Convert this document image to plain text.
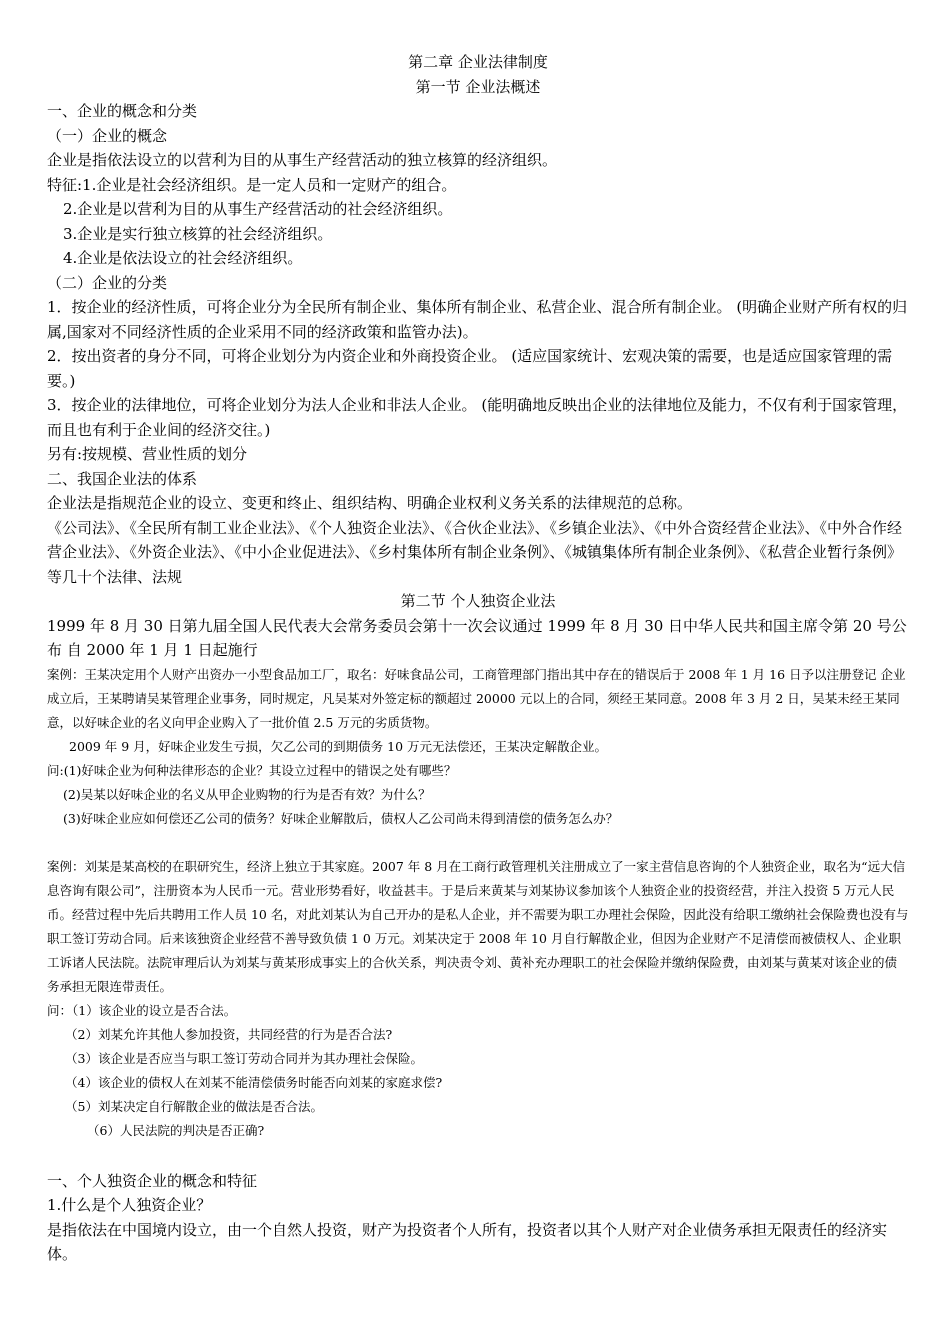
第二章 企业法律制度

第一节 企业法概述

一、企业的概念和分类

（一）企业的概念

企业是指依法设立的以营利为目的从事生产经营活动的独立核算的经济组织。

特征:1.企业是社会经济组织。是一定人员和一定财产的组合。

2.企业是以营利为目的从事生产经营活动的社会经济组织。

3.企业是实行独立核算的社会经济组织。

4.企业是依法设立的社会经济组织。

（二）企业的分类

1．按企业的经济性质，可将企业分为全民所有制企业、集体所有制企业、私营企业、混合所有制企业。 (明确企业财产所有权的归属,国家对不同经济性质的企业采用不同的经济政策和监管办法)。

2．按出资者的身分不同，可将企业划分为内资企业和外商投资企业。 (适应国家统计、宏观决策的需要，也是适应国家管理的需要。)

3．按企业的法律地位，可将企业划分为法人企业和非法人企业。 (能明确地反映出企业的法律地位及能力，不仅有利于国家管理，而且也有利于企业间的经济交往。)

另有:按规模、营业性质的划分

二、我国企业法的体系

企业法是指规范企业的设立、变更和终止、组织结构、明确企业权利义务关系的法律规范的总称。

《公司法》、《全民所有制工业企业法》、《个人独资企业法》、《合伙企业法》、《乡镇企业法》、《中外合资经营企业法》、《中外合作经营企业法》、《外资企业法》、《中小企业促进法》、《乡村集体所有制企业条例》、《城镇集体所有制企业条例》、《私营企业暂行条例》等几十个法律、法规

第二节 个人独资企业法

1999 年 8 月 30 日第九届全国人民代表大会常务委员会第十一次会议通过 1999 年 8 月 30 日中华人民共和国主席令第 20 号公布 自 2000 年 1 月 1 日起施行

案例：王某决定用个人财产出资办一小型食品加工厂，取名：好味食品公司，工商管理部门指出其中存在的错误后于 2008 年 1 月 16 日予以注册登记 企业成立后，王某聘请吴某管理企业事务，同时规定，凡吴某对外签定标的额超过 20000 元以上的合同，须经王某同意。2008 年 3 月 2 日，吴某未经王某同意，以好味企业的名义向甲企业购入了一批价值 2.5 万元的劣质货物。

2009 年 9 月，好味企业发生亏损，欠乙公司的到期债务 10 万元无法偿还，王某决定解散企业。

问:(1)好味企业为何种法律形态的企业？其设立过程中的错误之处有哪些？

(2)吴某以好味企业的名义从甲企业购物的行为是否有效？为什么？

(3)好味企业应如何偿还乙公司的债务？好味企业解散后，债权人乙公司尚未得到清偿的债务怎么办？

案例：刘某是某高校的在职研究生，经济上独立于其家庭。2007 年 8 月在工商行政管理机关注册成立了一家主营信息咨询的个人独资企业，取名为“远大信息咨询有限公司”，注册资本为人民币一元。营业形势看好，收益甚丰。于是后来黄某与刘某协议参加该个人独资企业的投资经营，并注入投资 5 万元人民币。经营过程中先后共聘用工作人员 10 名，对此刘某认为自己开办的是私人企业，并不需要为职工办理社会保险，因此没有给职工缴纳社会保险费也没有与职工签订劳动合同。后来该独资企业经营不善导致负债 1 0 万元。刘某决定于 2008 年 10 月自行解散企业，但因为企业财产不足清偿而被债权人、企业职工诉诸人民法院。法院审理后认为刘某与黄某形成事实上的合伙关系，判决责令刘、黄补充办理职工的社会保险并缴纳保险费，由刘某与黄某对该企业的债务承担无限连带责任。

问：（1）该企业的设立是否合法。

（2）刘某允许其他人参加投资，共同经营的行为是否合法?

（3）该企业是否应当与职工签订劳动合同并为其办理社会保险。

（4）该企业的债权人在刘某不能清偿债务时能否向刘某的家庭求偿?

（5）刘某决定自行解散企业的做法是否合法。

（6）人民法院的判决是否正确?

一、个人独资企业的概念和特征

1.什么是个人独资企业？

是指依法在中国境内设立，由一个自然人投资，财产为投资者个人所有，投资者以其个人财产对企业债务承担无限责任的经济实体。
